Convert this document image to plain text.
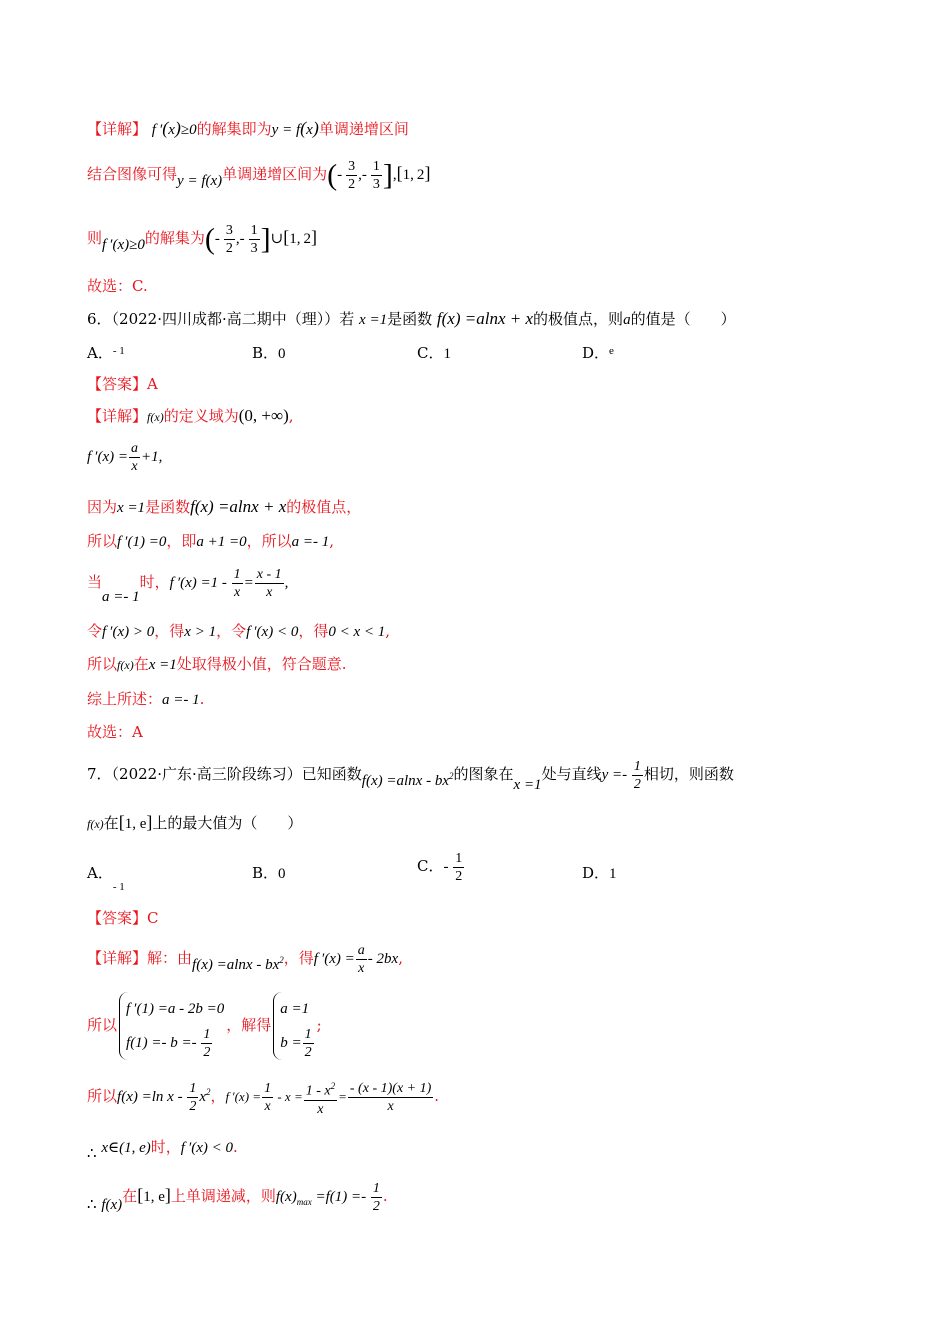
【详解】 f ′(x)≥0的解集即为y = f(x)单调递增区间
结合图像可得y = f(x)单调递增区间为(-  $\frac{3}{2}$ ,-  $\frac{1}{3} ],[1$, 2]
则f ′(x)≥0的解集为(-  $\frac{3}{2}$ ,-  $\frac{1}{3}$ ]∪[1, 2]
故选：C.
6．（2022·四川成都·高二期中（理））若 x =1是函数 f(x) =alnx + x的极值点，则a的值是（　　）
A．$^{- 1}$	B．0	C．1	D．$^e$
【答案】A
【详解】f(x)的定义域为(0, +∞),
f $'(x) = \frac{a}{x} +1$,
因为x =1是函数f(x) =alnx + x的极值点，
所以f ′(1) =0，即a +1 =0，所以a =- 1,
当a =- 1时，f $'(x) =1 - \frac{1}{x} = \frac{x - 1}{x}$ ,
令f ′(x) > 0，得x > 1，令f ′(x) < 0，得0 < x < 1,
所以f(x)在x =1处取得极小值，符合题意.
综上所述：a =- 1.
故选：A
7．（2022·广东·高三阶段练习）已知函数$f(x) =alnx - bx^2$的图象在x =1处与直线$y =- \frac{1}{2}$ 相切，则函数
f(x)在[1, e]上的最大值为（　　）
A．$_{- 1}$
B．0	C．- $\frac{1}{2}$	D．1
【答案】C
【详解】解：由$f(x) =alnx - bx^2$，得f $'(x) = \frac{a}{x} - 2bx$,
所以
f ′(1) =a - 2b =0
$f(1) =- b =- \frac{1}{2}$
，解得
a =1
$b = \frac{1}{2}$
;
所以f(x) =ln x - $\frac{1}{2} x^2$，f $'(x) = \frac{1}{x} - x = \frac{1 - x^2}{x} = \frac{- (x - 1)(x + 1)}{x}$ .
∴ x∈(1, e)时，f ′(x) < 0.
∴ f(x)在[1, e]上单调递减，则$f(x)_{max} =f(1) =- \frac{1}{2}$ .
